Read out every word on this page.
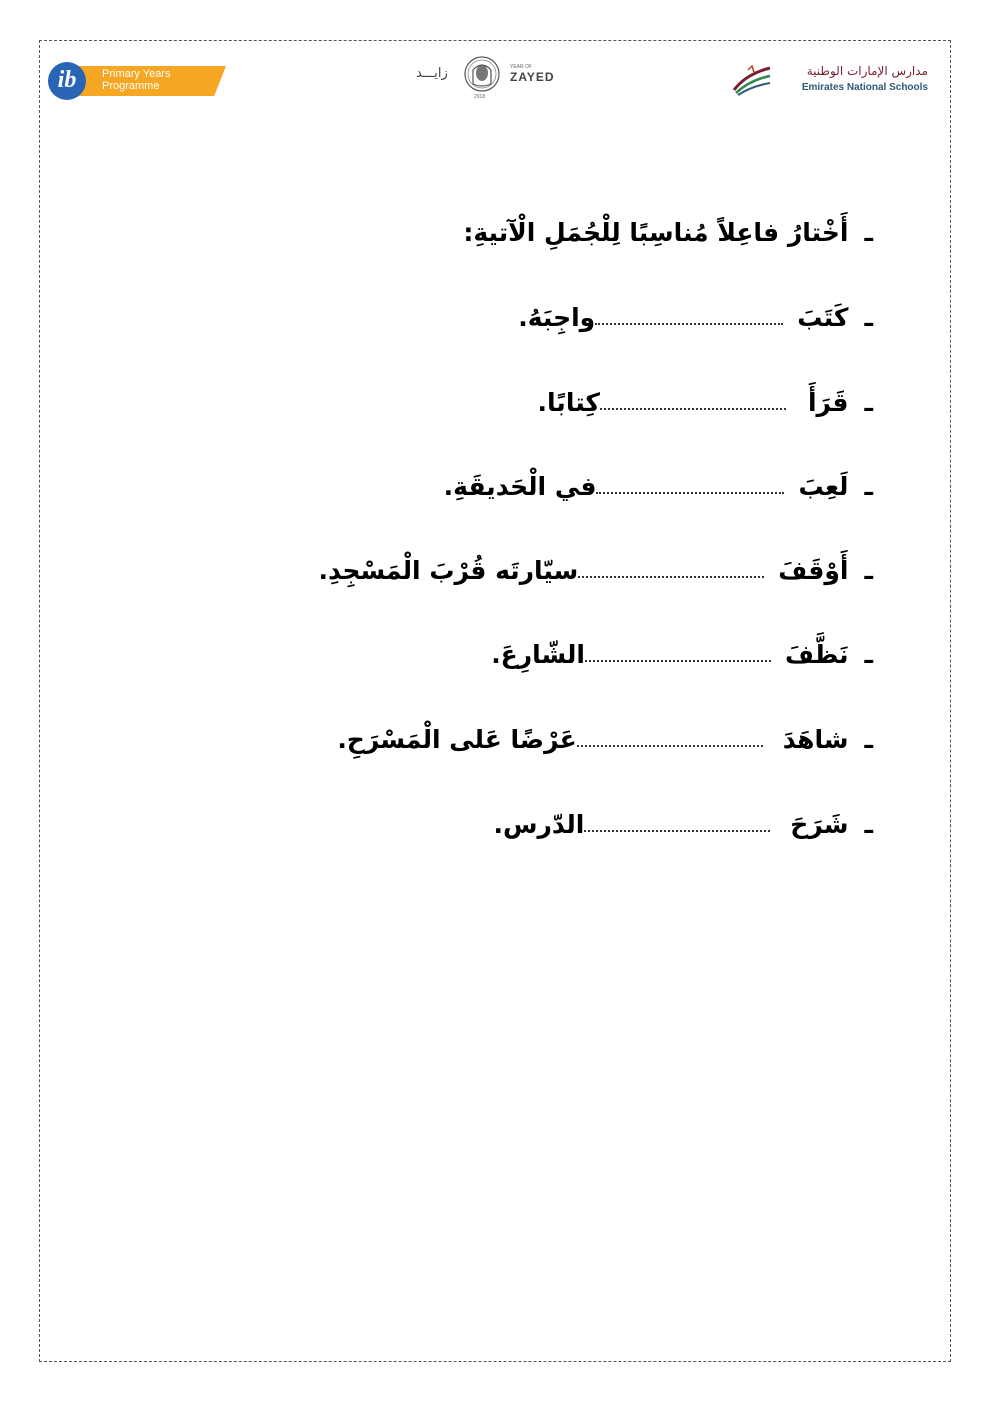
ib	Primary Years
Programme
زايـــد
2018
YEAR OF
ZAYED	مدارس الإمارات الوطنية
Emirates National Schools
ـ
أَخْتارُ فاعِلاً مُناسِبًا لِلْجُمَلِ الْآتيةِ:
ـ
كَتَبَ
واجِبَهُ.
ـ
قَرَأَ
كِتابًا.
ـ
لَعِبَ
في الْحَديقَةِ.
ـ
أَوْقَفَ
سيّارتَه قُرْبَ الْمَسْجِدِ.
ـ
نَظَّفَ
الشّارِعَ.
ـ
شاهَدَ
عَرْضًا عَلى الْمَسْرَحِ.
ـ
شَرَحَ
الدّرس.
